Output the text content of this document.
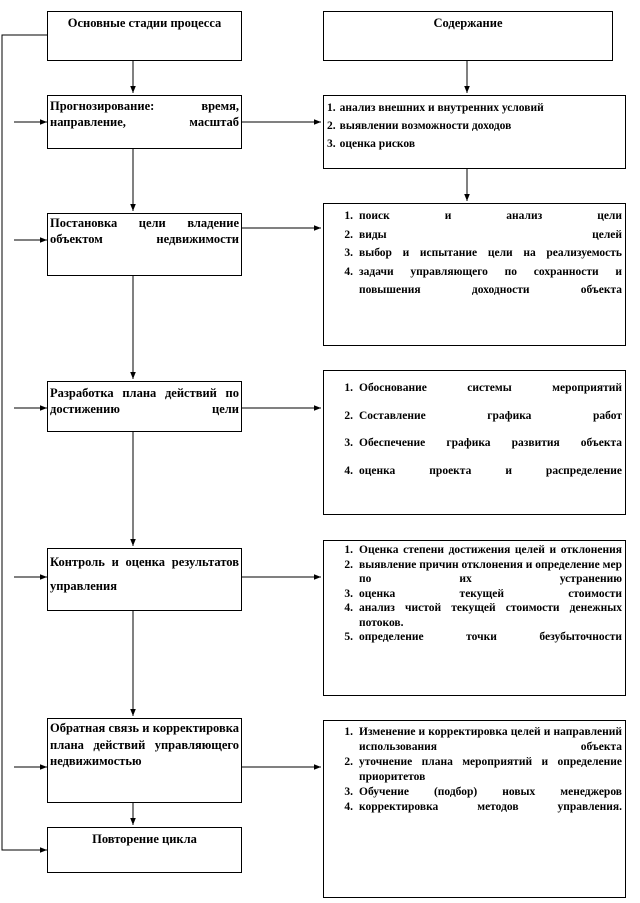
Основные стадии процесса	Содержание
Прогнозирование: время, направление, масштаб
Постановка цели владение объектом недвижимости
Разработка плана действий по достижению цели
Контроль и оценка результатов управления
Обратная связь и корректировка плана действий управляющего недвижимостью
Повторение цикла
1. анализ внешних и внутренних условий
2. выявлении возможности доходов
3. оценка рисков
1. поиск и анализ цели
2. виды целей
3. выбор и испытание цели на реализуемость
4. задачи управляющего по сохранности и повышения доходности объекта
1. Обоснование системы мероприятий
2. Составление графика работ
3. Обеспечение графика развития объекта
4. оценка проекта и распределение
1. Оценка степени достижения целей и отклонения
2. выявление причин отклонения и определение мер по их устранению
3. оценка текущей стоимости
4. анализ чистой текущей стоимости денежных потоков.
5. определение точки безубыточности
1. Изменение и корректировка целей и направлений использования объекта
2. уточнение плана мероприятий и определение приоритетов
3. Обучение (подбор) новых менеджеров
4. корректировка методов управления.
